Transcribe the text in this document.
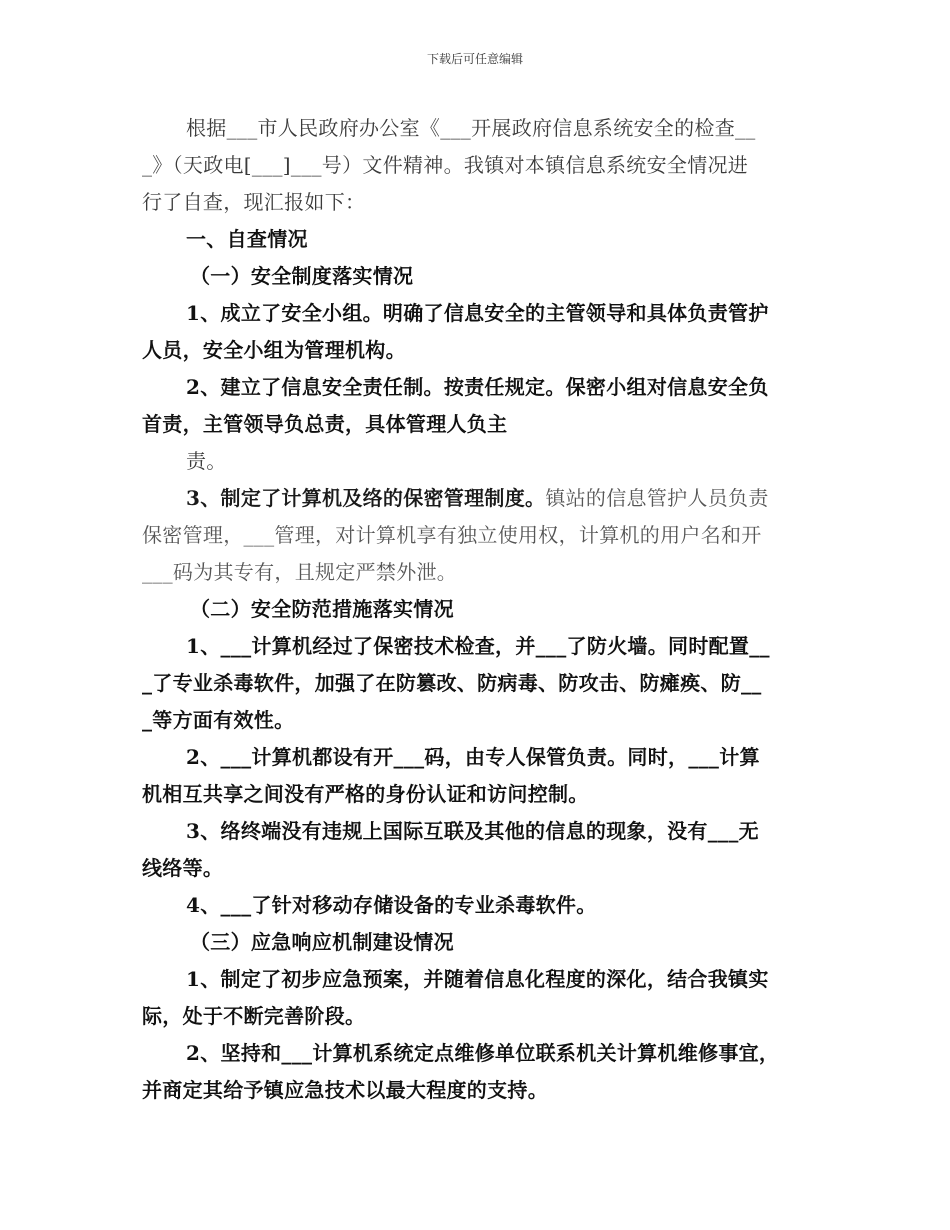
下载后可任意编辑
根据___市人民政府办公室《___开展政府信息系统安全的检查__
_》（天政电[___]___号）文件精神。我镇对本镇信息系统安全情况进
行了自查，现汇报如下：
一、自查情况
（一）安全制度落实情况
1、成立了安全小组。明确了信息安全的主管领导和具体负责管护
人员，安全小组为管理机构。
2、建立了信息安全责任制。按责任规定。保密小组对信息安全负
首责，主管领导负总责，具体管理人负主
责。
3、制定了计算机及络的保密管理制度。镇站的信息管护人员负责
保密管理，___管理，对计算机享有独立使用权，计算机的用户名和开
___码为其专有，且规定严禁外泄。
（二）安全防范措施落实情况
1、___计算机经过了保密技术检查，并___了防火墙。同时配置__
_了专业杀毒软件，加强了在防篡改、防病毒、防攻击、防瘫痪、防__
_等方面有效性。
2、___计算机都设有开___码，由专人保管负责。同时，___计算
机相互共享之间没有严格的身份认证和访问控制。
3、络终端没有违规上国际互联及其他的信息的现象，没有___无
线络等。
4、___了针对移动存储设备的专业杀毒软件。
（三）应急响应机制建设情况
1、制定了初步应急预案，并随着信息化程度的深化，结合我镇实
际，处于不断完善阶段。
2、坚持和___计算机系统定点维修单位联系机关计算机维修事宜，
并商定其给予镇应急技术以最大程度的支持。
